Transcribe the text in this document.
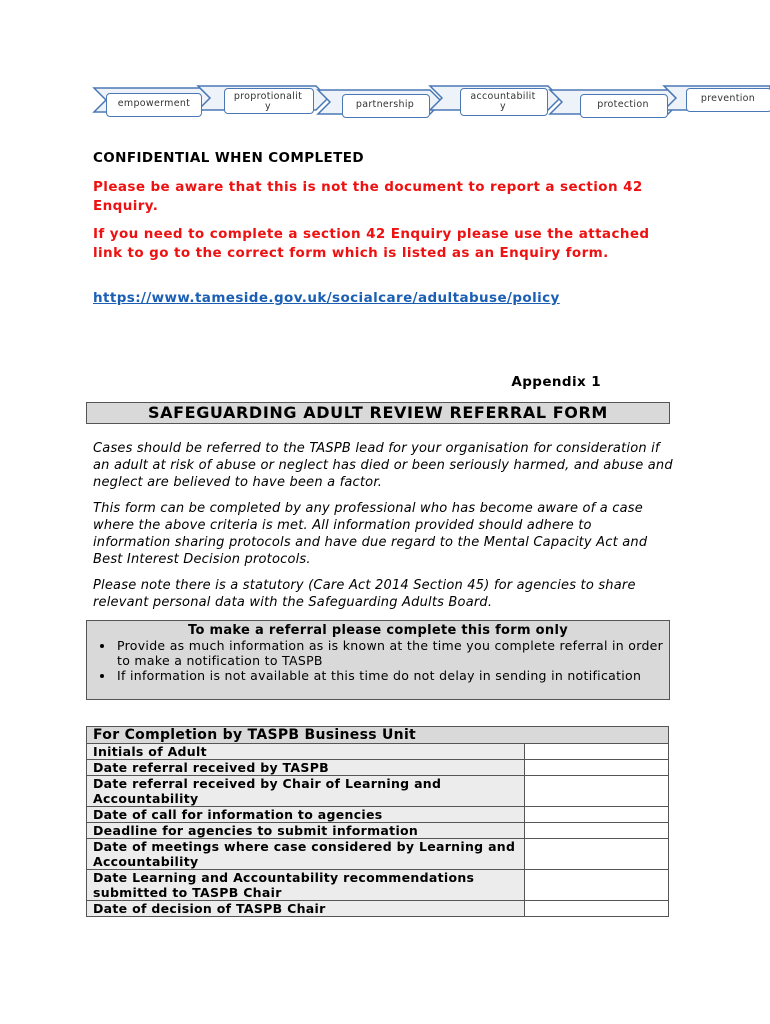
empowerment
proprotionalit
y	partnership
accountabilit
y	protection
prevention
CONFIDENTIAL WHEN COMPLETED
Please be aware that this is not the document to report a section 42 Enquiry.
If you need to complete a section 42 Enquiry please use the attached link to go to the correct form which is listed as an Enquiry form.
https://www.tameside.gov.uk/socialcare/adultabuse/policy
Appendix 1
SAFEGUARDING ADULT REVIEW REFERRAL FORM
Cases should be referred to the TASPB lead for your organisation for consideration if an adult at risk of abuse or neglect has died or been seriously harmed, and abuse and neglect are believed to have been a factor.
This form can be completed by any professional who has become aware of a case where the above criteria is met. All information provided should adhere to information sharing protocols and have due regard to the Mental Capacity Act and Best Interest Decision protocols.
Please note there is a statutory (Care Act 2014 Section 45) for agencies to share relevant personal data with the Safeguarding Adults Board.
To make a referral please complete this form only
• Provide as much information as is known at the time you complete referral in order to make a notification to TASPB
• If information is not available at this time do not delay in sending in notification
For Completion by TASPB Business Unit	
Initials of Adult	
Date referral received by TASPB	
Date referral received by Chair of Learning and Accountability	
Date of call for information to agencies	
Deadline for agencies to submit information	
Date of meetings where case considered by Learning and Accountability	
Date Learning and Accountability recommendations submitted to TASPB Chair	
Date of decision of TASPB Chair	
